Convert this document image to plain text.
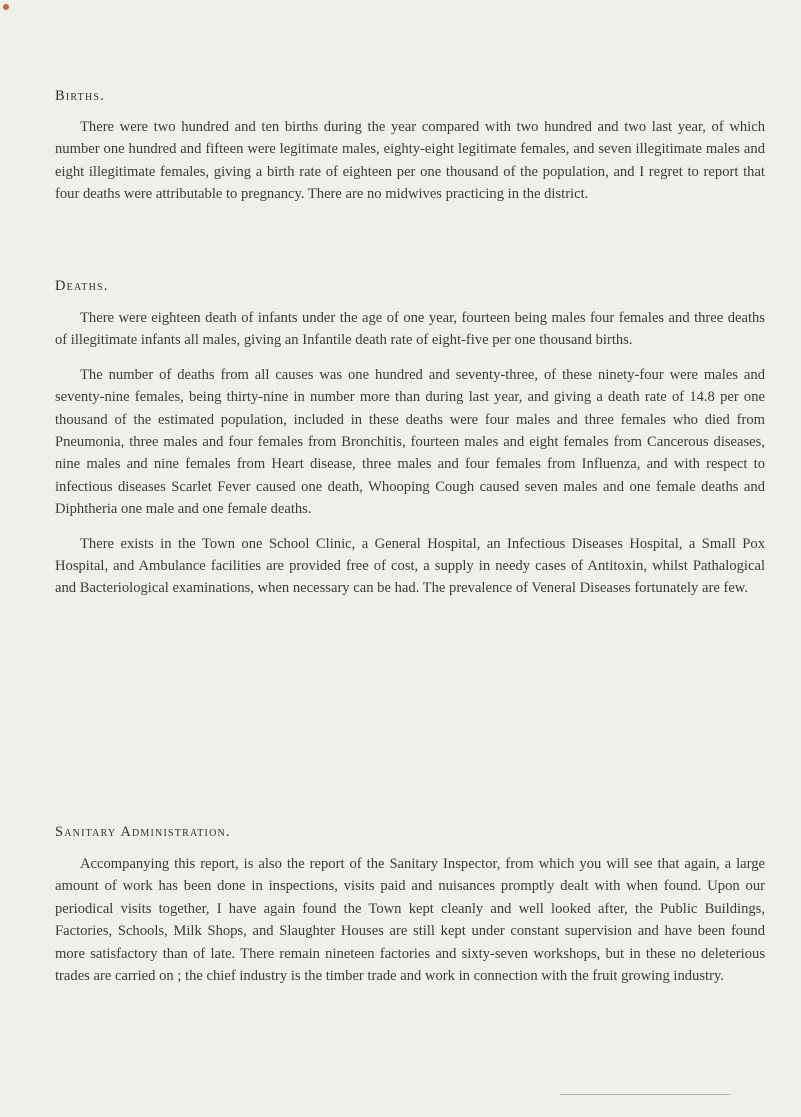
Births.

There were two hundred and ten births during the year compared with two hundred and two last year, of which number one hundred and fifteen were legitimate males, eighty-eight legitimate females, and seven illegitimate males and eight illegitimate females, giving a birth rate of eighteen per one thousand of the population, and I regret to report that four deaths were attributable to pregnancy. There are no midwives practicing in the district.

Deaths.

There were eighteen death of infants under the age of one year, fourteen being males four females and three deaths of illegitimate infants all males, giving an Infantile death rate of eight-five per one thousand births.

The number of deaths from all causes was one hundred and seventy-three, of these ninety-four were males and seventy-nine females, being thirty-nine in number more than during last year, and giving a death rate of 14.8 per one thousand of the estimated population, included in these deaths were four males and three females who died from Pneumonia, three males and four females from Bronchitis, fourteen males and eight females from Cancerous diseases, nine males and nine females from Heart disease, three males and four females from Influenza, and with respect to infectious diseases Scarlet Fever caused one death, Whooping Cough caused seven males and one female deaths and Diphtheria one male and one female deaths.

There exists in the Town one School Clinic, a General Hospital, an Infectious Diseases Hospital, a Small Pox Hospital, and Ambulance facilities are provided free of cost, a supply in needy cases of Antitoxin, whilst Pathalogical and Bacteriological examinations, when necessary can be had. The prevalence of Veneral Diseases fortunately are few.

Sanitary Administration.

Accompanying this report, is also the report of the Sanitary Inspector, from which you will see that again, a large amount of work has been done in inspections, visits paid and nuisances promptly dealt with when found. Upon our periodical visits together, I have again found the Town kept cleanly and well looked after, the Public Buildings, Factories, Schools, Milk Shops, and Slaughter Houses are still kept under constant supervision and have been found more satisfactory than of late. There remain nineteen factories and sixty-seven workshops, but in these no deleterious trades are carried on ; the chief industry is the timber trade and work in connection with the fruit growing industry.
